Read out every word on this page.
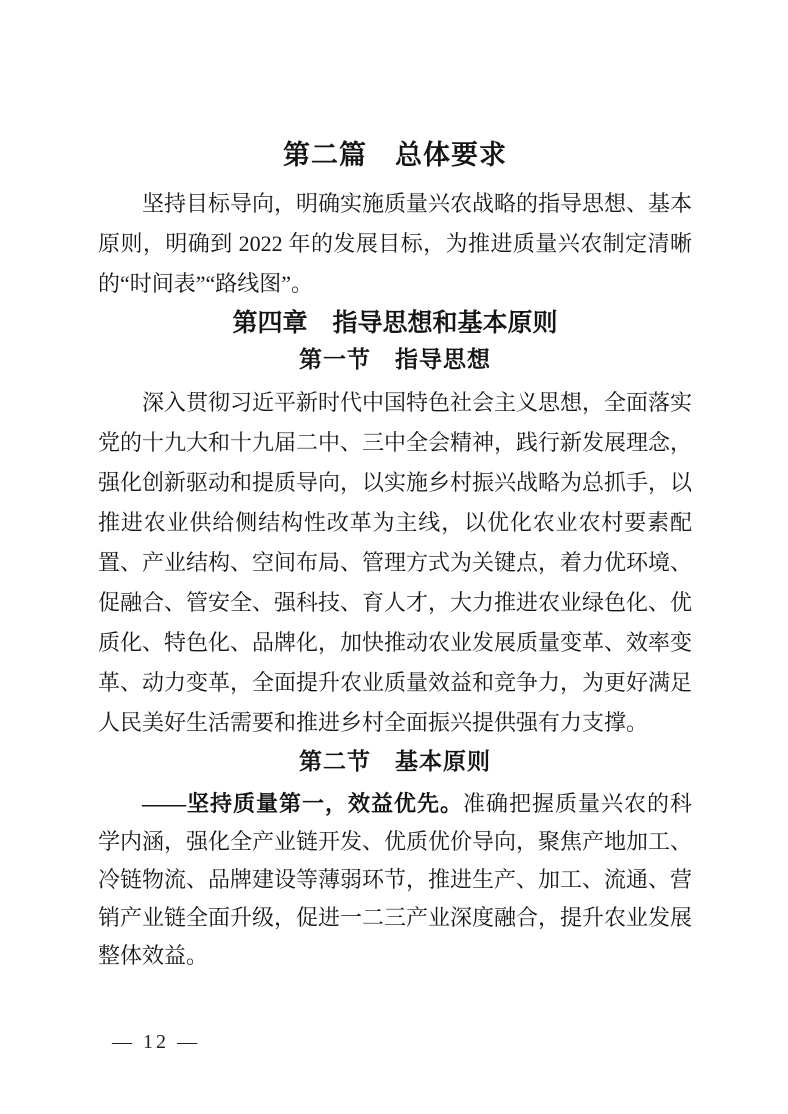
第二篇　总体要求

坚持目标导向，明确实施质量兴农战略的指导思想、基本原则，明确到 2022 年的发展目标，为推进质量兴农制定清晰的“时间表”“路线图”。

第四章　指导思想和基本原则
第一节　指导思想

深入贯彻习近平新时代中国特色社会主义思想，全面落实党的十九大和十九届二中、三中全会精神，践行新发展理念，强化创新驱动和提质导向，以实施乡村振兴战略为总抓手，以推进农业供给侧结构性改革为主线，以优化农业农村要素配置、产业结构、空间布局、管理方式为关键点，着力优环境、促融合、管安全、强科技、育人才，大力推进农业绿色化、优质化、特色化、品牌化，加快推动农业发展质量变革、效率变革、动力变革，全面提升农业质量效益和竞争力，为更好满足人民美好生活需要和推进乡村全面振兴提供强有力支撑。

第二节　基本原则

——坚持质量第一，效益优先。准确把握质量兴农的科学内涵，强化全产业链开发、优质优价导向，聚焦产地加工、冷链物流、品牌建设等薄弱环节，推进生产、加工、流通、营销产业链全面升级，促进一二三产业深度融合，提升农业发展整体效益。

— 12 —
